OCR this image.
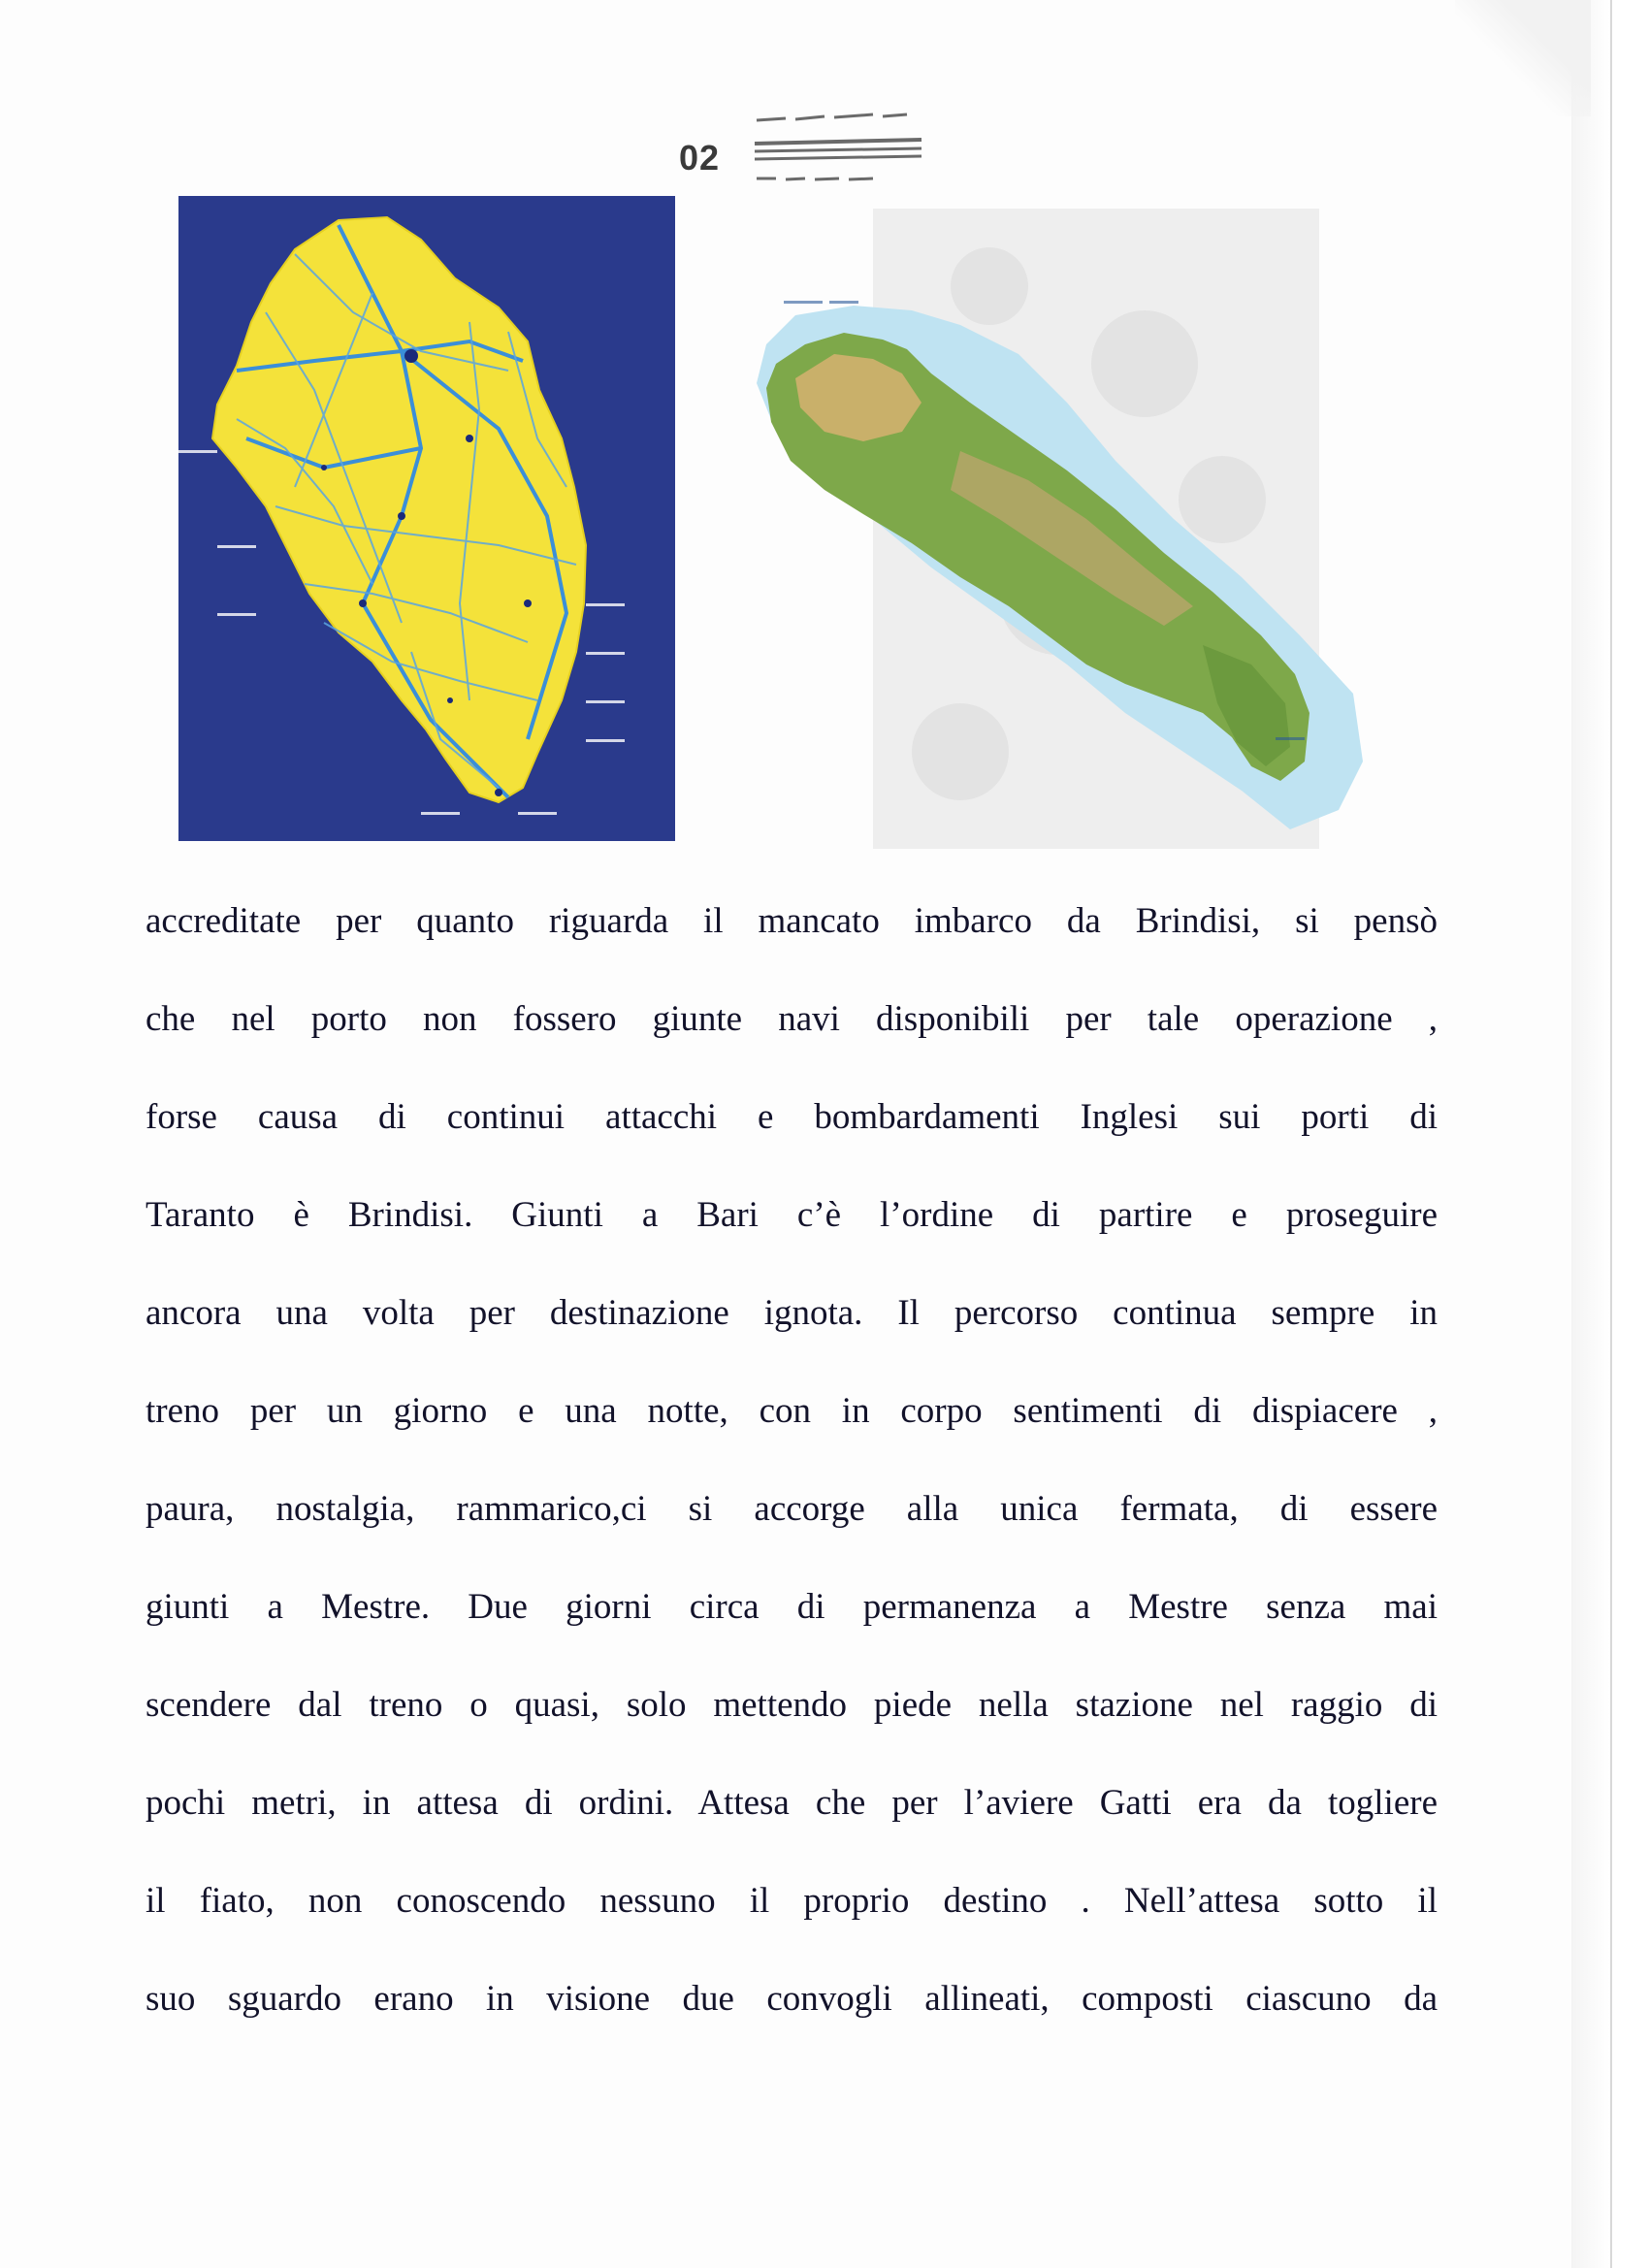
02
accreditate per quanto riguarda il mancato imbarco da Brindisi, si pensò
che nel porto non fossero giunte navi disponibili per tale operazione ,
forse causa di continui attacchi e bombardamenti Inglesi sui porti di
Taranto è Brindisi. Giunti a Bari c’è l’ordine di partire e proseguire
ancora una volta per destinazione ignota. Il percorso continua sempre in
treno per un giorno e una notte, con in corpo sentimenti di dispiacere ,
paura, nostalgia, rammarico,ci si accorge alla unica fermata, di essere
giunti a Mestre. Due giorni circa di permanenza a Mestre senza mai
scendere dal treno o quasi, solo mettendo piede nella stazione nel raggio di
pochi metri, in attesa di ordini. Attesa che per l’aviere Gatti era da togliere
il fiato, non conoscendo nessuno il proprio destino . Nell’attesa sotto il
suo sguardo erano in visione due convogli allineati, composti ciascuno da
